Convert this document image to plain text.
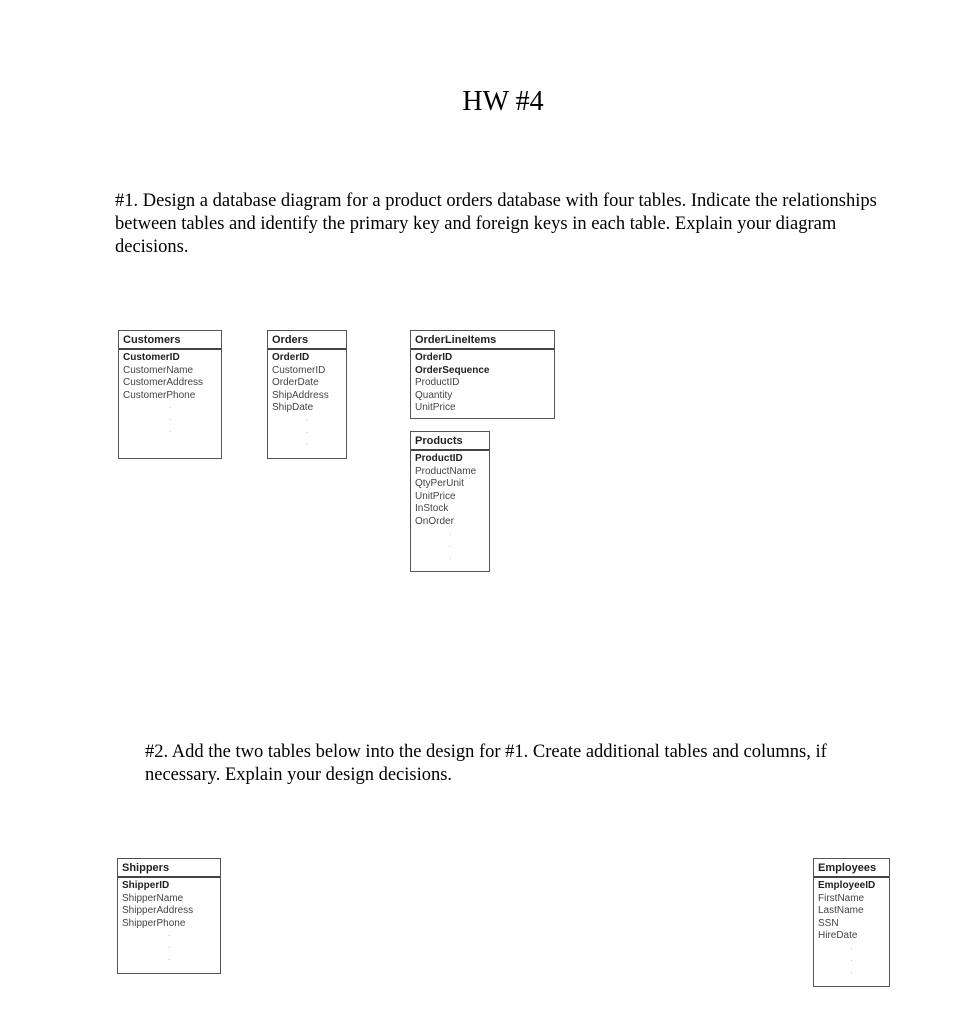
HW #4
#1. Design a database diagram for a product orders database with four tables. Indicate the relationships between tables and identify the primary key and foreign keys in each table. Explain your diagram decisions.
#2. Add the two tables below into the design for #1. Create additional tables and columns, if necessary. Explain your design decisions.
Customers
CustomerID
CustomerName
CustomerAddress
CustomerPhone
·
·
·
Orders
OrderID
CustomerID
OrderDate
ShipAddress
ShipDate
·
·
·
OrderLineItems
OrderID
OrderSequence
ProductID
Quantity
UnitPrice
Products
ProductID
ProductName
QtyPerUnit
UnitPrice
InStock
OnOrder
·
·
·
Shippers
ShipperID
ShipperName
ShipperAddress
ShipperPhone
·
·
·
Employees
EmployeeID
FirstName
LastName
SSN
HireDate
·
·
·
